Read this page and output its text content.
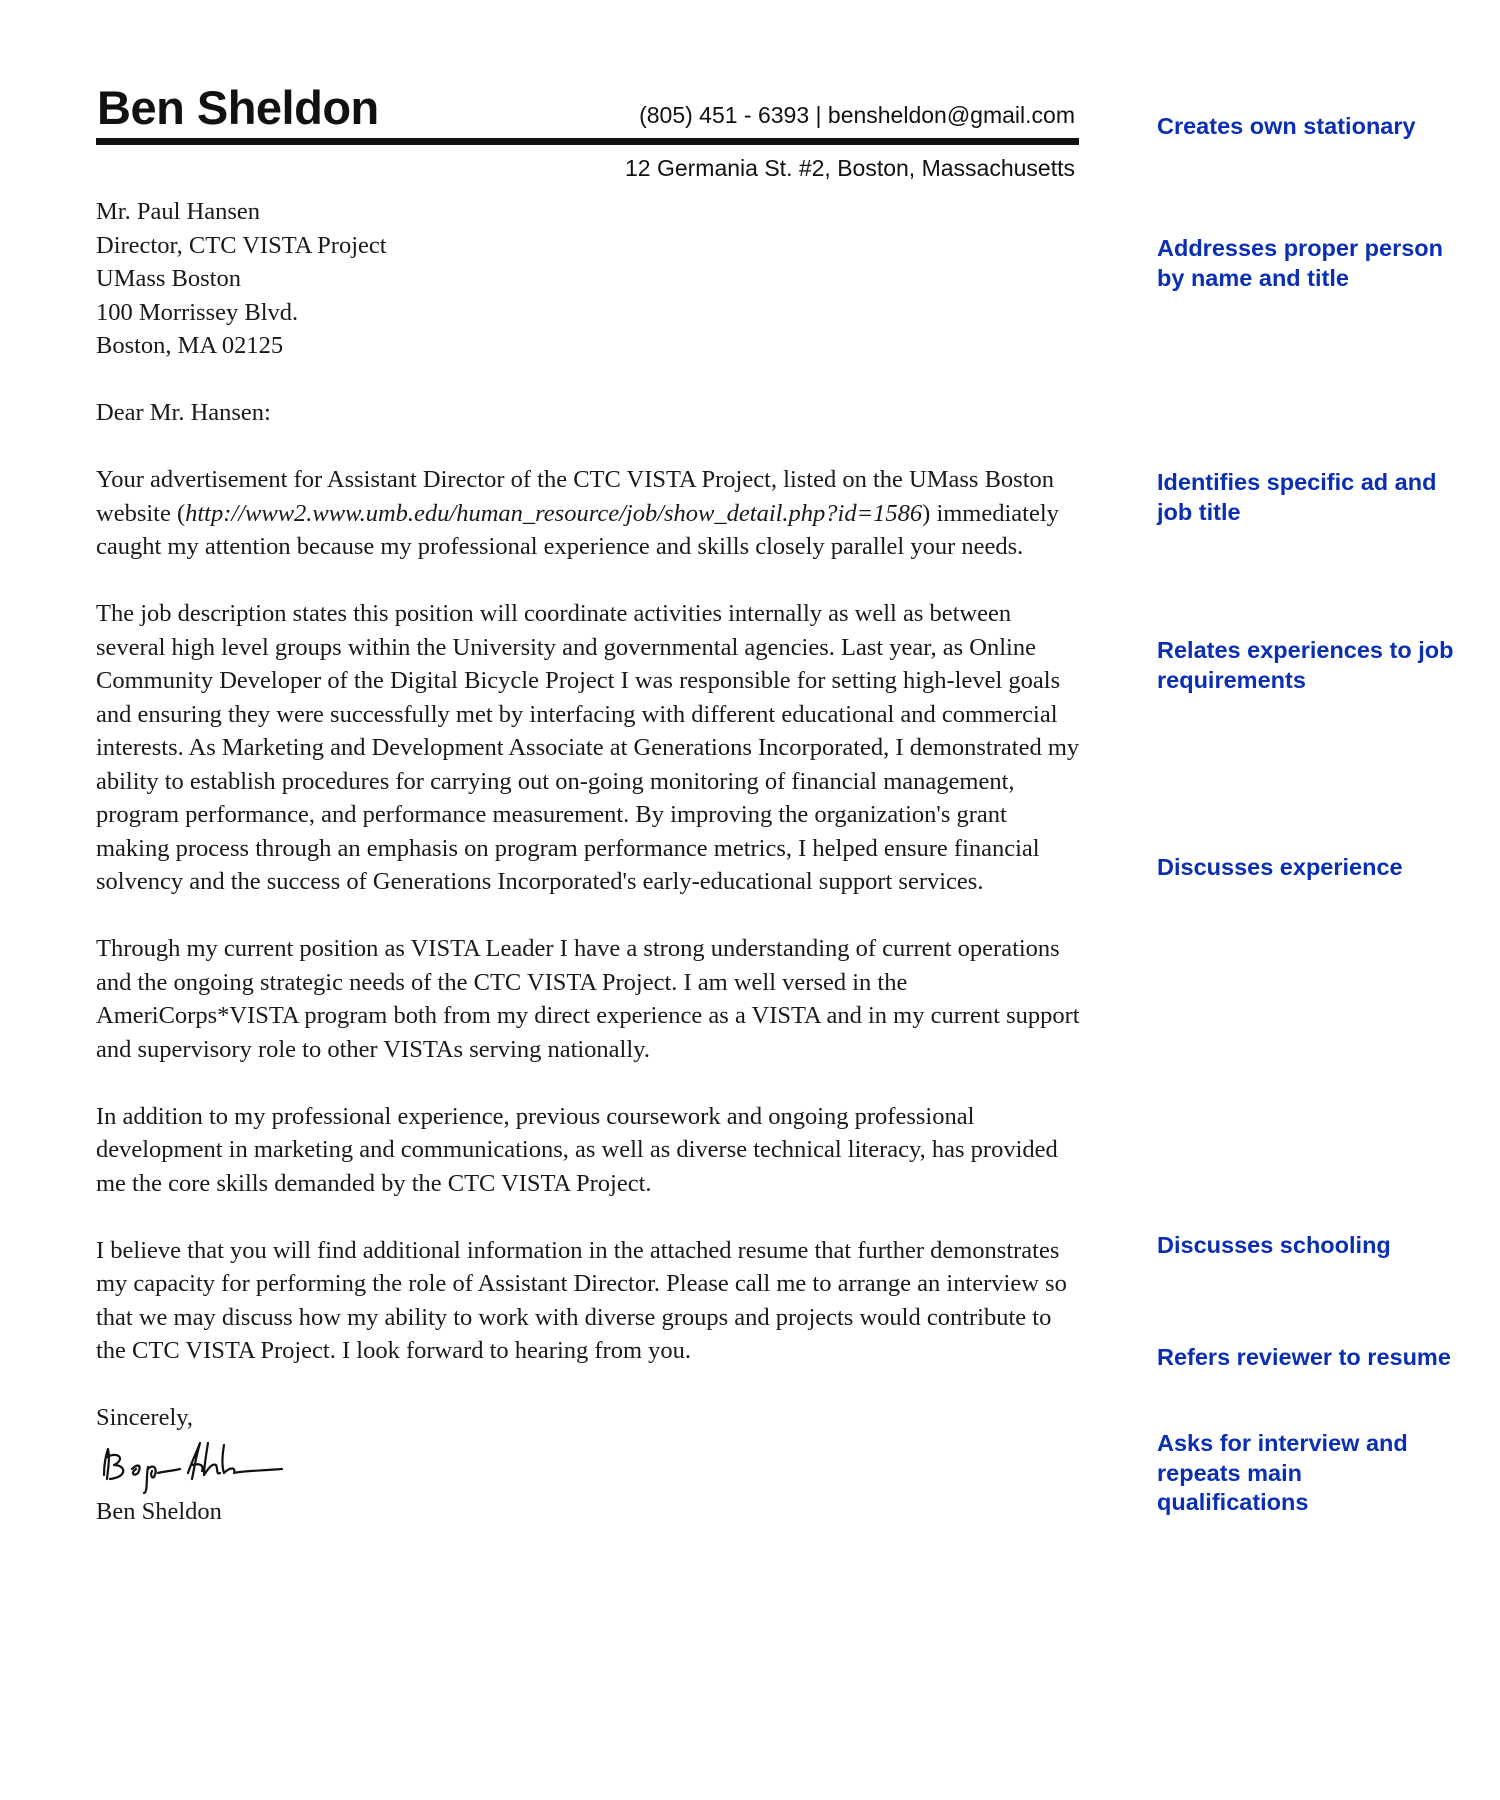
Ben Sheldon	(805) 451 - 6393 | bensheldon@gmail.com
12 Germania St. #2, Boston, Massachusetts
Mr. Paul Hansen
Director, CTC VISTA Project
UMass Boston
100 Morrissey Blvd.
Boston, MA 02125

Dear Mr. Hansen:

Your advertisement for Assistant Director of the CTC VISTA Project, listed on the UMass Boston website (http://www2.www.umb.edu/human_resource/job/show_detail.php?id=1586) immediately caught my attention because my professional experience and skills closely parallel your needs.

The job description states this position will coordinate activities internally as well as between several high level groups within the University and governmental agencies. Last year, as Online Community Developer of the Digital Bicycle Project I was responsible for setting high-level goals and ensuring they were successfully met by interfacing with different educational and commercial interests. As Marketing and Development Associate at Generations Incorporated, I demonstrated my ability to establish procedures for carrying out on-going monitoring of financial management, program performance, and performance measurement. By improving the organization's grant making process through an emphasis on program performance metrics, I helped ensure financial solvency and the success of Generations Incorporated's early-educational support services.

Through my current position as VISTA Leader I have a strong understanding of current operations and the ongoing strategic needs of the CTC VISTA Project. I am well versed in the AmeriCorps*VISTA program both from my direct experience as a VISTA and in my current support and supervisory role to other VISTAs serving nationally.

In addition to my professional experience, previous coursework and ongoing professional development in marketing and communications, as well as diverse technical literacy, has provided me the core skills demanded by the CTC VISTA Project.

I believe that you will find additional information in the attached resume that further demonstrates my capacity for performing the role of Assistant Director. Please call me to arrange an interview so that we may discuss how my ability to work with diverse groups and projects would contribute to the CTC VISTA Project. I look forward to hearing from you.

Sincerely,
Ben Sheldon
Creates own stationary
Addresses proper person by name and title
Identifies specific ad and job title
Relates experiences to job requirements
Discusses experience
Discusses schooling
Refers reviewer to resume
Asks for interview and repeats main qualifications
